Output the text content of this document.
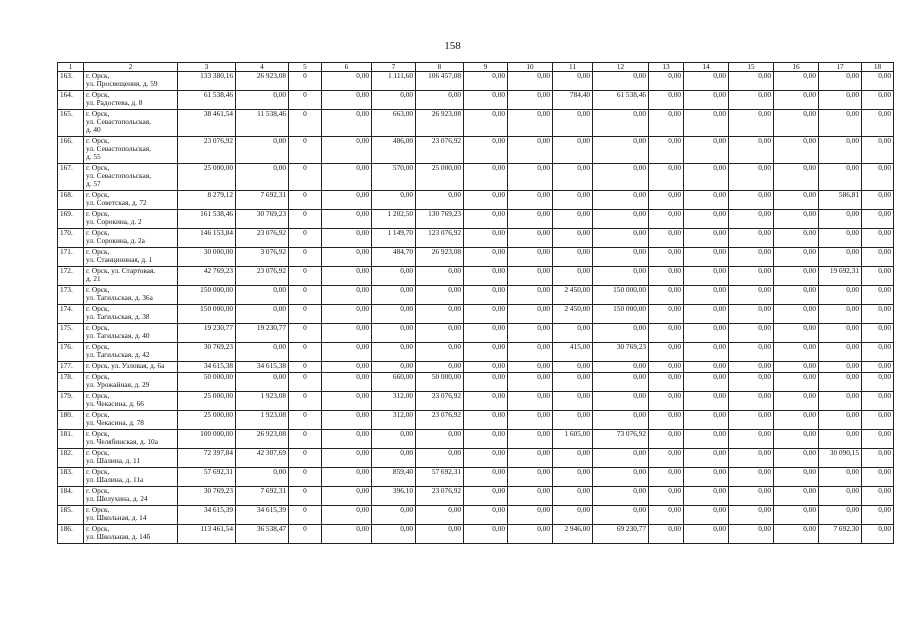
158
1	2	3	4	5	6	7	8	9	10	11	12	13	14	15	16	17	18
163.	г. Орск,
ул. Просвещения, д. 59	133 380,16	26 923,08	0	0,00	1 111,60	106 457,08	0,00	0,00	0,00	0,00	0,00	0,00	0,00	0,00	0,00	0,00
164.	г. Орск,
ул. Радостева, д. 8	61 538,46	0,00	0	0,00	0,00	0,00	0,00	0,00	784,40	61 538,46	0,00	0,00	0,00	0,00	0,00	0,00
165.	г. Орск,
ул. Севастопольская,
д. 40	38 461,54	11 538,46	0	0,00	663,00	26 923,08	0,00	0,00	0,00	0,00	0,00	0,00	0,00	0,00	0,00	0,00
166.	г. Орск,
ул. Севастопольская,
д. 55	23 076,92	0,00	0	0,00	486,00	23 076,92	0,00	0,00	0,00	0,00	0,00	0,00	0,00	0,00	0,00	0,00
167.	г. Орск,
ул. Севастопольская,
д. 57	25 000,00	0,00	0	0,00	570,00	25 000,00	0,00	0,00	0,00	0,00	0,00	0,00	0,00	0,00	0,00	0,00
168.	г. Орск,
ул. Советская, д. 72	8 279,12	7 692,31	0	0,00	0,00	0,00	0,00	0,00	0,00	0,00	0,00	0,00	0,00	0,00	586,81	0,00
169.	г. Орск,
ул. Сорокина, д. 2	161 538,46	30 769,23	0	0,00	1 202,50	130 769,23	0,00	0,00	0,00	0,00	0,00	0,00	0,00	0,00	0,00	0,00
170.	г. Орск,
ул. Сорокина, д. 2а	146 153,84	23 076,92	0	0,00	1 149,70	123 076,92	0,00	0,00	0,00	0,00	0,00	0,00	0,00	0,00	0,00	0,00
171.	г. Орск,
ул. Станционная, д. 1	30 000,00	3 076,92	0	0,00	484,70	26 923,08	0,00	0,00	0,00	0,00	0,00	0,00	0,00	0,00	0,00	0,00
172.	г. Орск, ул. Стартовая,
д. 21	42 769,23	23 076,92	0	0,00	0,00	0,00	0,00	0,00	0,00	0,00	0,00	0,00	0,00	0,00	19 692,31	0,00
173.	г. Орск,
ул. Тагильская, д. 36а	150 000,00	0,00	0	0,00	0,00	0,00	0,00	0,00	2 450,00	150 000,00	0,00	0,00	0,00	0,00	0,00	0,00
174.	г. Орск,
ул. Тагильская, д. 38	150 000,00	0,00	0	0,00	0,00	0,00	0,00	0,00	2 450,00	150 000,00	0,00	0,00	0,00	0,00	0,00	0,00
175.	г. Орск,
ул. Тагильская, д. 40	19 230,77	19 230,77	0	0,00	0,00	0,00	0,00	0,00	0,00	0,00	0,00	0,00	0,00	0,00	0,00	0,00
176.	г. Орск,
ул. Тагильская, д. 42	30 769,23	0,00	0	0,00	0,00	0,00	0,00	0,00	415,00	30 769,23	0,00	0,00	0,00	0,00	0,00	0,00
177.	г. Орск, ул. Узловая, д. 6а	34 615,38	34 615,38	0	0,00	0,00	0,00	0,00	0,00	0,00	0,00	0,00	0,00	0,00	0,00	0,00	0,00
178.	г. Орск,
ул. Урожайная, д. 29	50 000,00	0,00	0	0,00	660,00	50 000,00	0,00	0,00	0,00	0,00	0,00	0,00	0,00	0,00	0,00	0,00
179.	г. Орск,
ул. Чекасина, д. 66	25 000,00	1 923,08	0	0,00	312,00	23 076,92	0,00	0,00	0,00	0,00	0,00	0,00	0,00	0,00	0,00	0,00
180.	г. Орск,
ул. Чекасина, д. 78	25 000,00	1 923,08	0	0,00	312,00	23 076,92	0,00	0,00	0,00	0,00	0,00	0,00	0,00	0,00	0,00	0,00
181.	г. Орск,
ул. Челябинская, д. 10а	100 000,00	26 923,08	0	0,00	0,00	0,00	0,00	0,00	1 605,00	73 076,92	0,00	0,00	0,00	0,00	0,00	0,00
182.	г. Орск,
ул. Шалина, д. 11	72 397,84	42 307,69	0	0,00	0,00	0,00	0,00	0,00	0,00	0,00	0,00	0,00	0,00	0,00	30 090,15	0,00
183.	г. Орск,
ул. Шалина, д. 11а	57 692,31	0,00	0	0,00	859,40	57 692,31	0,00	0,00	0,00	0,00	0,00	0,00	0,00	0,00	0,00	0,00
184.	г. Орск,
ул. Шелухина, д. 24	30 769,23	7 692,31	0	0,00	396,10	23 076,92	0,00	0,00	0,00	0,00	0,00	0,00	0,00	0,00	0,00	0,00
185.	г. Орск,
ул. Школьная, д. 14	34 615,39	34 615,39	0	0,00	0,00	0,00	0,00	0,00	0,00	0,00	0,00	0,00	0,00	0,00	0,00	0,00
186.	г. Орск,
ул. Школьная, д. 14б	113 461,54	36 538,47	0	0,00	0,00	0,00	0,00	0,00	2 946,00	69 230,77	0,00	0,00	0,00	0,00	7 692,30	0,00
